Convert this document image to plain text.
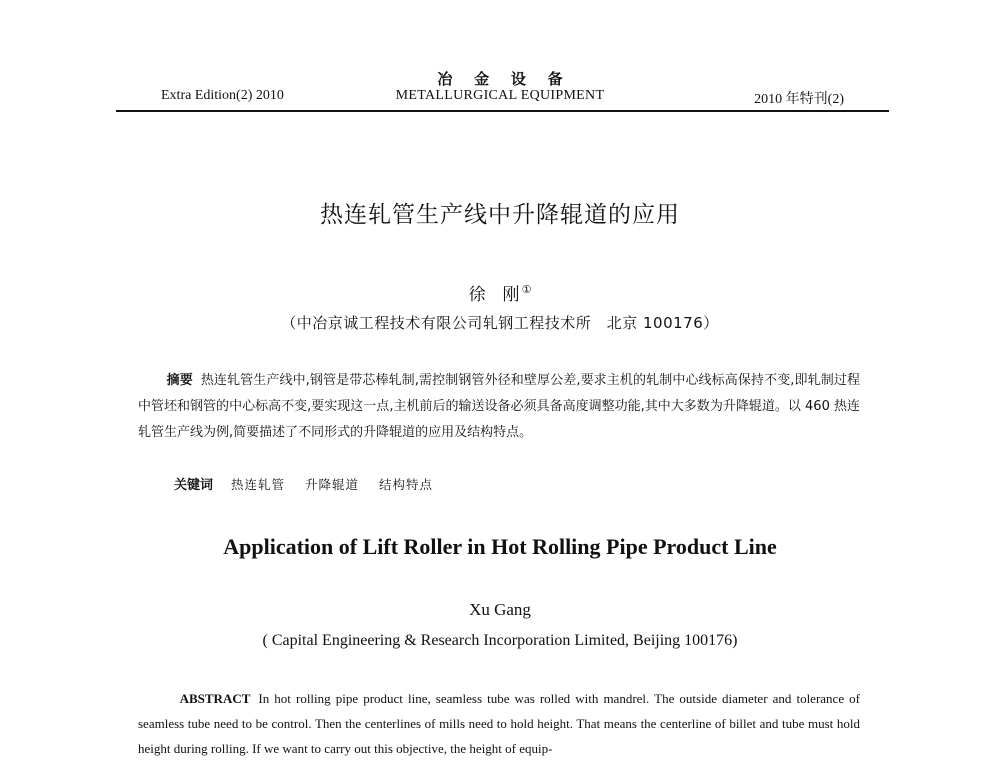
Extra Edition(2) 2010
冶 金 设 备
METALLURGICAL EQUIPMENT	2010 年特刊(2)
热连轧管生产线中升降辊道的应用
徐　刚 ①
（中冶京诚工程技术有限公司轧钢工程技术所　北京 100176）
摘要 热连轧管生产线中,钢管是带芯棒轧制,需控制钢管外径和壁厚公差,要求主机的轧制中心线标高保持不变,即轧制过程中管坯和钢管的中心标高不变,要实现这一点,主机前后的输送设备必须具备高度调整功能,其中大多数为升降辊道。以 460 热连轧管生产线为例,简要描述了不同形式的升降辊道的应用及结构特点。
关键词 热连轧管 升降辊道 结构特点
Application of Lift Roller in Hot Rolling Pipe Product Line
Xu Gang
( Capital Engineering & Research Incorporation Limited, Beijing 100176)
ABSTRACT In hot rolling pipe product line, seamless tube was rolled with mandrel. The outside diameter and tolerance of seamless tube need to be control. Then the centerlines of mills need to hold height. That means the centerline of billet and tube must hold height during rolling. If we want to carry out this objective, the height of equip-
